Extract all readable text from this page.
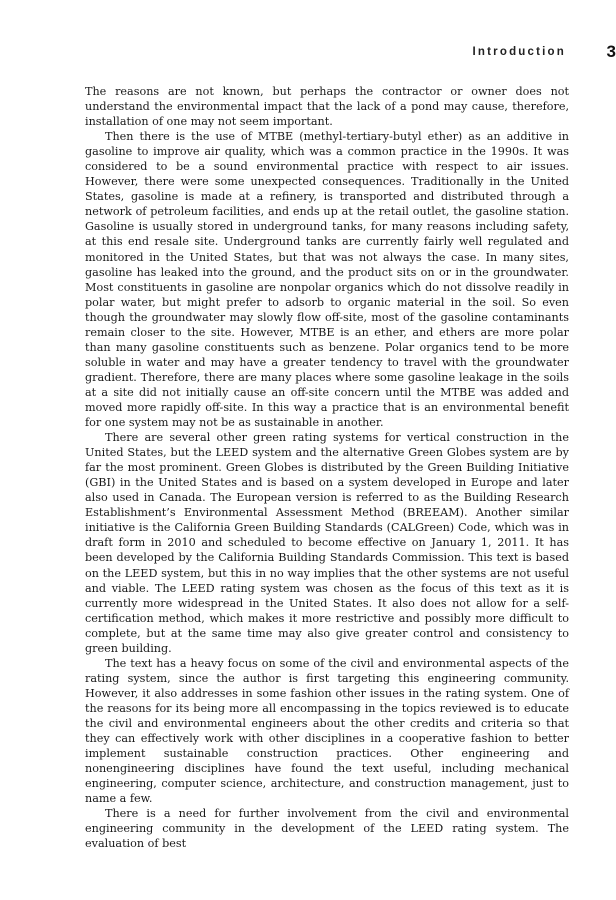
Introduction 3

The reasons are not known, but perhaps the contractor or owner does not understand the environmental impact that the lack of a pond may cause, therefore, installation of one may not seem important.

Then there is the use of MTBE (methyl-tertiary-butyl ether) as an additive in gasoline to improve air quality, which was a common practice in the 1990s. It was considered to be a sound environmental practice with respect to air issues. However, there were some unexpected consequences. Traditionally in the United States, gasoline is made at a refinery, is transported and distributed through a network of petroleum facilities, and ends up at the retail outlet, the gasoline station. Gasoline is usually stored in underground tanks, for many reasons including safety, at this end resale site. Underground tanks are currently fairly well regulated and monitored in the United States, but that was not always the case. In many sites, gasoline has leaked into the ground, and the product sits on or in the groundwater. Most constituents in gasoline are nonpolar organics which do not dissolve readily in polar water, but might prefer to adsorb to organic material in the soil. So even though the groundwater may slowly flow off-site, most of the gasoline contaminants remain closer to the site. However, MTBE is an ether, and ethers are more polar than many gasoline constituents such as benzene. Polar organics tend to be more soluble in water and may have a greater tendency to travel with the groundwater gradient. Therefore, there are many places where some gasoline leakage in the soils at a site did not initially cause an off-site concern until the MTBE was added and moved more rapidly off-site. In this way a practice that is an environmental benefit for one system may not be as sustainable in another.

There are several other green rating systems for vertical construction in the United States, but the LEED system and the alternative Green Globes system are by far the most prominent. Green Globes is distributed by the Green Building Initiative (GBI) in the United States and is based on a system developed in Europe and later also used in Canada. The European version is referred to as the Building Research Establishment’s Environmental Assessment Method (BREEAM). Another similar initiative is the California Green Building Standards (CALGreen) Code, which was in draft form in 2010 and scheduled to become effective on January 1, 2011. It has been developed by the California Building Standards Commission. This text is based on the LEED system, but this in no way implies that the other systems are not useful and viable. The LEED rating system was chosen as the focus of this text as it is currently more widespread in the United States. It also does not allow for a self-certification method, which makes it more restrictive and possibly more difficult to complete, but at the same time may also give greater control and consistency to green building.

The text has a heavy focus on some of the civil and environmental aspects of the rating system, since the author is first targeting this engineering community. However, it also addresses in some fashion other issues in the rating system. One of the reasons for its being more all encompassing in the topics reviewed is to educate the civil and environmental engineers about the other credits and criteria so that they can effectively work with other disciplines in a cooperative fashion to better implement sustainable construction practices. Other engineering and nonengineering disciplines have found the text useful, including mechanical engineering, computer science, architecture, and construction management, just to name a few.

There is a need for further involvement from the civil and environmental engineering community in the development of the LEED rating system. The evaluation of best
